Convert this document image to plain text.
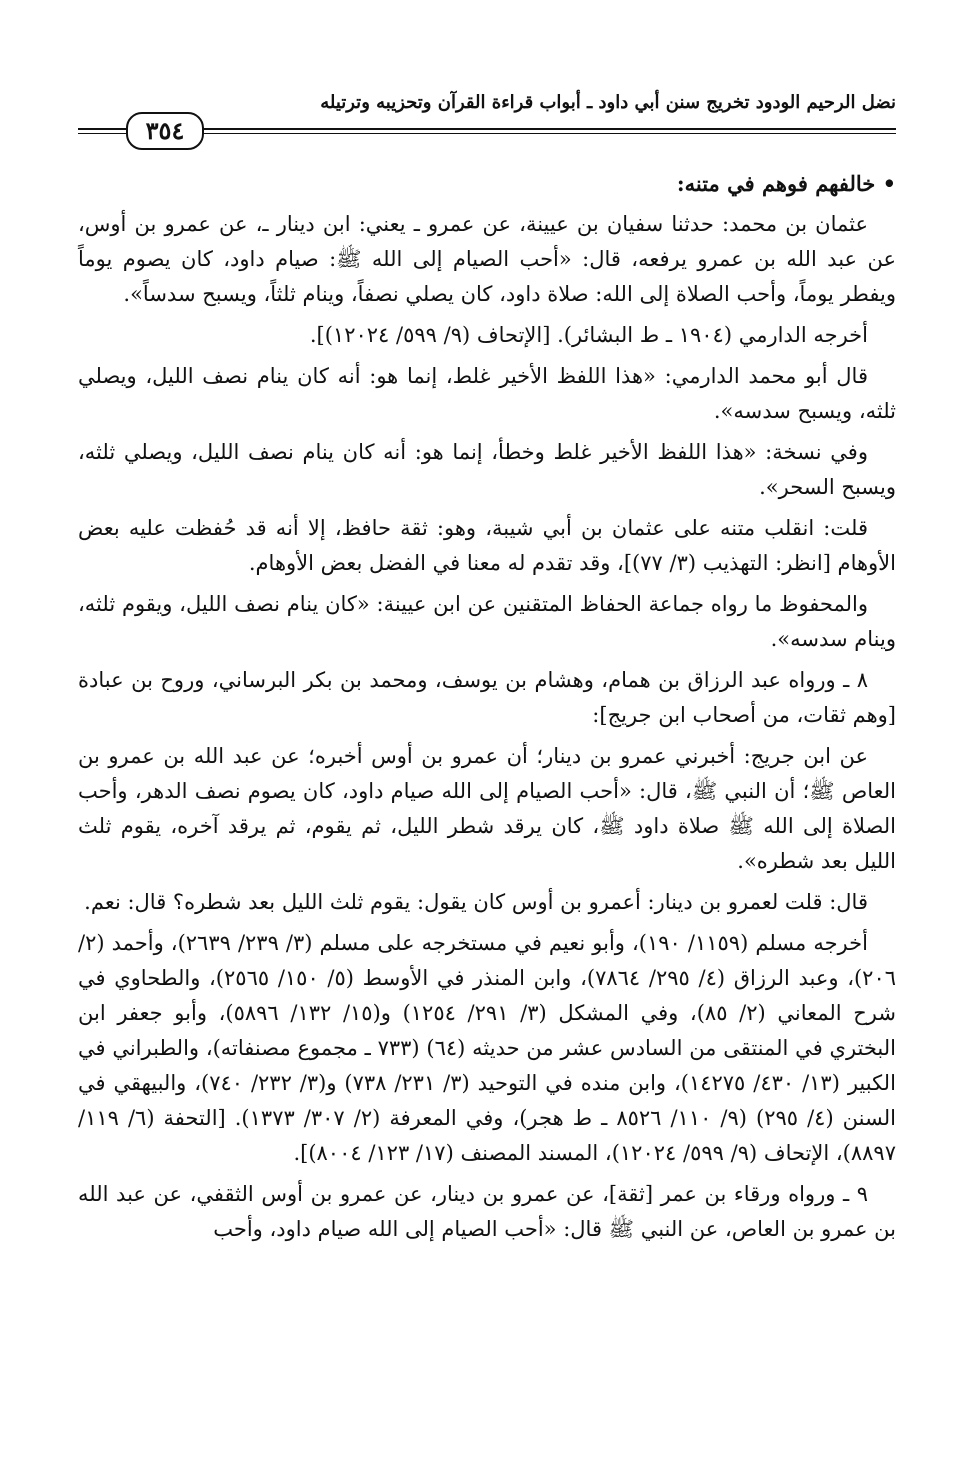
نضل الرحيم الودود تخريج سنن أبي داود ـ أبواب قراءة القرآن وتحزيبه وترتيله
٣٥٤

• خالفهم فوهم في متنه:

عثمان بن محمد: حدثنا سفيان بن عيينة، عن عمرو ـ يعني: ابن دينار ـ، عن عمرو بن أوس، عن عبد الله بن عمرو يرفعه، قال: «أحب الصيام إلى الله ﷺ: صيام داود، كان يصوم يوماً ويفطر يوماً، وأحب الصلاة إلى الله: صلاة داود، كان يصلي نصفاً، وينام ثلثاً، ويسبح سدساً».

أخرجه الدارمي (١٩٠٤ ـ ط البشائر). [الإتحاف (٩/ ٥٩٩/ ١٢٠٢٤)].

قال أبو محمد الدارمي: «هذا اللفظ الأخير غلط، إنما هو: أنه كان ينام نصف الليل، ويصلي ثلثه، ويسبح سدسه».

وفي نسخة: «هذا اللفظ الأخير غلط وخطأ، إنما هو: أنه كان ينام نصف الليل، ويصلي ثلثه، ويسبح السحر».

قلت: انقلب متنه على عثمان بن أبي شيبة، وهو: ثقة حافظ، إلا أنه قد حُفظت عليه بعض الأوهام [انظر: التهذيب (٣/ ٧٧)]، وقد تقدم له معنا في الفضل بعض الأوهام.

والمحفوظ ما رواه جماعة الحفاظ المتقنين عن ابن عيينة: «كان ينام نصف الليل، ويقوم ثلثه، وينام سدسه».

٨ ـ ورواه عبد الرزاق بن همام، وهشام بن يوسف، ومحمد بن بكر البرساني، وروح بن عبادة [وهم ثقات، من أصحاب ابن جريج]:

عن ابن جريج: أخبرني عمرو بن دينار؛ أن عمرو بن أوس أخبره؛ عن عبد الله بن عمرو بن العاص ﷺ؛ أن النبي ﷺ، قال: «أحب الصيام إلى الله صيام داود، كان يصوم نصف الدهر، وأحب الصلاة إلى الله ﷺ صلاة داود ﷺ، كان يرقد شطر الليل، ثم يقوم، ثم يرقد آخره، يقوم ثلث الليل بعد شطره».

قال: قلت لعمرو بن دينار: أعمرو بن أوس كان يقول: يقوم ثلث الليل بعد شطره؟ قال: نعم.

أخرجه مسلم (١١٥٩/ ١٩٠)، وأبو نعيم في مستخرجه على مسلم (٣/ ٢٣٩/ ٢٦٣٩)، وأحمد (٢/ ٢٠٦)، وعبد الرزاق (٤/ ٢٩٥/ ٧٨٦٤)، وابن المنذر في الأوسط (٥/ ١٥٠/ ٢٥٦٥)، والطحاوي في شرح المعاني (٢/ ٨٥)، وفي المشكل (٣/ ٢٩١/ ١٢٥٤) و(١٥/ ١٣٢/ ٥٨٩٦)، وأبو جعفر ابن البختري في المنتقى من السادس عشر من حديثه (٦٤) (٧٣٣ ـ مجموع مصنفاته)، والطبراني في الكبير (١٣/ ٤٣٠/ ١٤٢٧٥)، وابن منده في التوحيد (٣/ ٢٣١/ ٧٣٨) و(٣/ ٢٣٢/ ٧٤٠)، والبيهقي في السنن (٤/ ٢٩٥) (٩/ ١١٠/ ٨٥٢٦ ـ ط هجر)، وفي المعرفة (٢/ ٣٠٧/ ١٣٧٣). [التحفة (٦/ ١١٩/ ٨٨٩٧)، الإتحاف (٩/ ٥٩٩/ ١٢٠٢٤)، المسند المصنف (١٧/ ١٢٣/ ٨٠٠٤)].

٩ ـ ورواه ورقاء بن عمر [ثقة]، عن عمرو بن دينار، عن عمرو بن أوس الثقفي، عن عبد الله بن عمرو بن العاص، عن النبي ﷺ قال: «أحب الصيام إلى الله صيام داود، وأحب
